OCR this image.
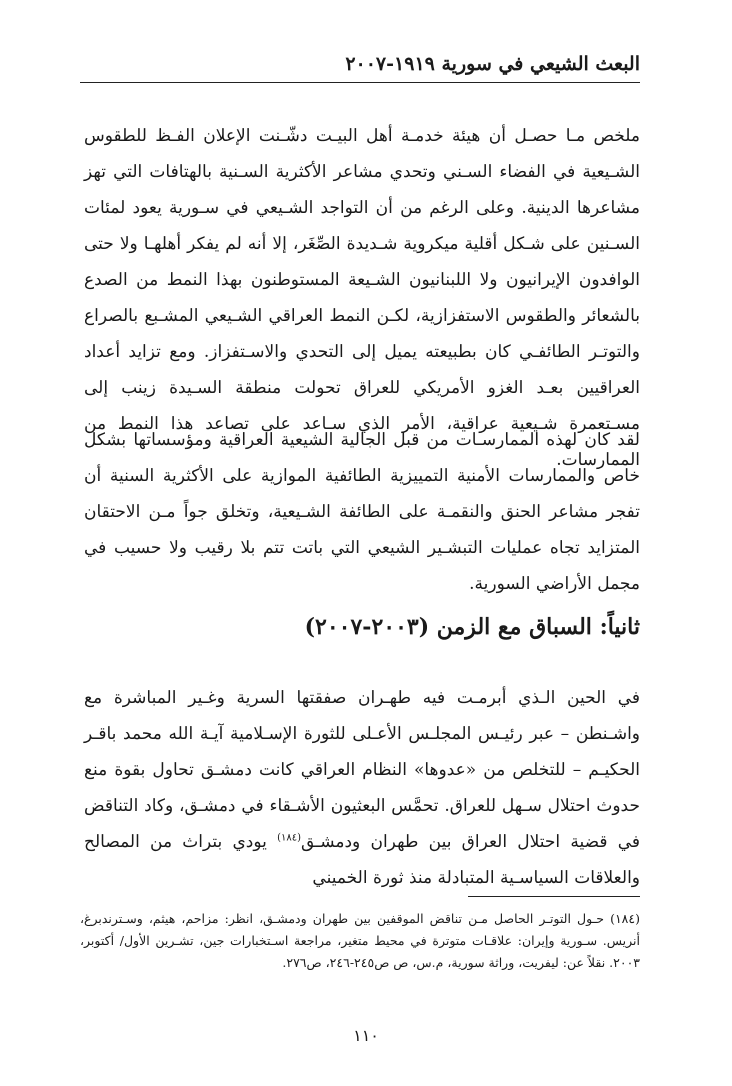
البعث الشيعي في سورية ١٩١٩-٢٠٠٧

ملخص مـا حصـل أن هيئة خدمـة أهل البيـت دشّـنت الإعلان الفـظ للطقوس الشـيعية في الفضاء السـني وتحدي مشاعر الأكثرية السـنية بالهتافات التي تهز مشاعرها الدينية. وعلى الرغم من أن التواجد الشـيعي في سـورية يعود لمئات السـنين على شـكل أقلية ميكروية شـديدة الصِّغَر، إلا أنه لم يفكر أهلهـا ولا حتى الوافدون الإيرانيون ولا اللبنانيون الشـيعة المستوطنون بهذا النمط من الصدع بالشعائر والطقوس الاستفزازية، لكـن النمط العراقي الشـيعي المشـبع بالصراع والتوتـر الطائفـي كان بطبيعته يميل إلى التحدي والاسـتفزاز. ومع تزايد أعداد العراقيين بعـد الغزو الأمريكي للعراق تحولت منطقة السـيدة زينب إلى مسـتعمرة شـيعية عراقية، الأمر الذي سـاعد على تصاعد هذا النمط من الممارسات.

لقد كان لهذه الممارسـات من قبل الجالية الشيعية العراقية ومؤسساتها بشكل خاص والممارسات الأمنية التمييزية الطائفية الموازية على الأكثرية السنية أن تفجر مشاعر الحنق والنقمـة على الطائفة الشـيعية، وتخلق جواً مـن الاحتقان المتزايد تجاه عمليات التبشـير الشيعي التي باتت تتم بلا رقيب ولا حسيب في مجمل الأراضي السورية.

ثانياً: السباق مع الزمن (٢٠٠٣-٢٠٠٧)

في الحين الـذي أبرمـت فيه طهـران صفقتها السرية وغـير المباشرة مع واشـنطن – عبر رئيـس المجلـس الأعـلى للثورة الإسـلامية آيـة الله محمد باقـر الحكيـم – للتخلص من «عدوها» النظام العراقي كانت دمشـق تحاول بقوة منع حدوث احتلال سـهل للعراق. تحمَّس البعثيون الأشـقاء في دمشـق، وكاد التناقض في قضية احتلال العراق بين طهران ودمشـق$^{(١٨٤)}$ يودي بتراث من المصالح والعلاقات السياسـية المتبادلة منذ ثورة الخميني

(١٨٤) حـول التوتـر الحاصل مـن تناقض الموقفين بين طهران ودمشـق، انظر: مزاحم، هيثم، وسـترندبرغ، أنريس. سـورية وإيران: علاقـات متوترة في محيط متغير، مراجعة اسـتخبارات جين، تشـرين الأول/ أكتوبر، ٢٠٠٣. نقلاً عن: ليفريت، وراثة سورية، م.س، ص ص٢٤٥-٢٤٦، ص٢٧٦.

١١٠
